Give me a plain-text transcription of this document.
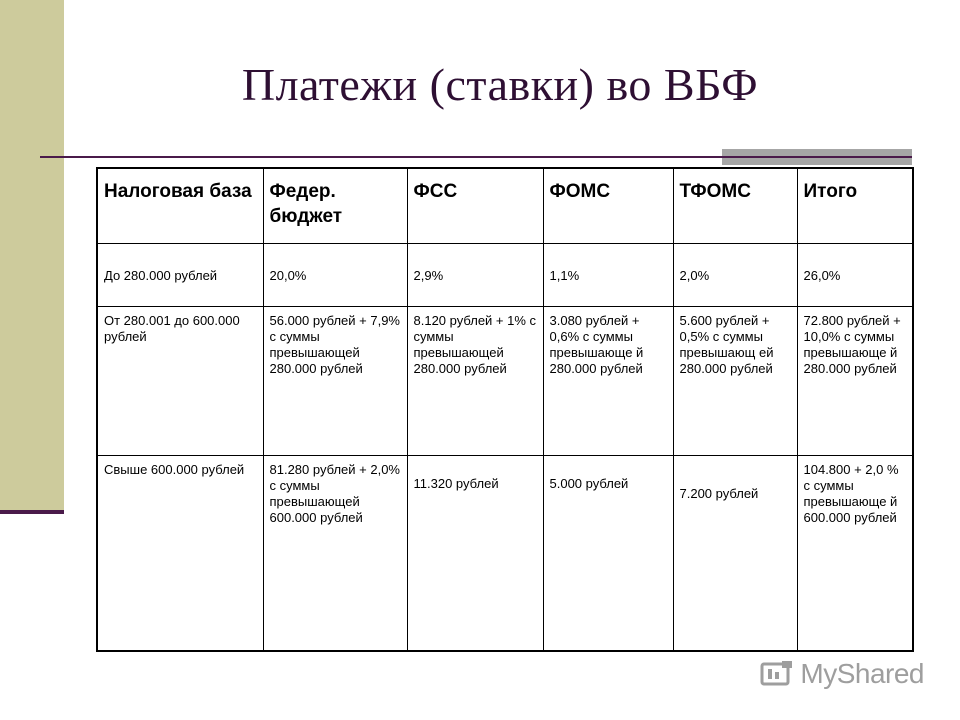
Платежи (ставки) во ВБФ
Налоговая база	Федер. бюджет	ФСС	ФОМС	ТФОМС	Итого
До 280.000 рублей	20,0%	2,9%	1,1%	2,0%	26,0%
От 280.001 до 600.000 рублей	56.000 рублей + 7,9% с суммы превышающей 280.000 рублей	8.120 рублей + 1% с суммы превышающей 280.000 рублей	3.080 рублей + 0,6% с суммы превышающе й 280.000 рублей	5.600 рублей + 0,5% с суммы превышающ ей 280.000 рублей	72.800 рублей + 10,0% с суммы превышающе й 280.000 рублей
Свыше 600.000 рублей	81.280 рублей + 2,0% с суммы превышающей 600.000 рублей	11.320 рублей	5.000 рублей	7.200 рублей	104.800 + 2,0 % с суммы превышающе й 600.000 рублей
MyShared
